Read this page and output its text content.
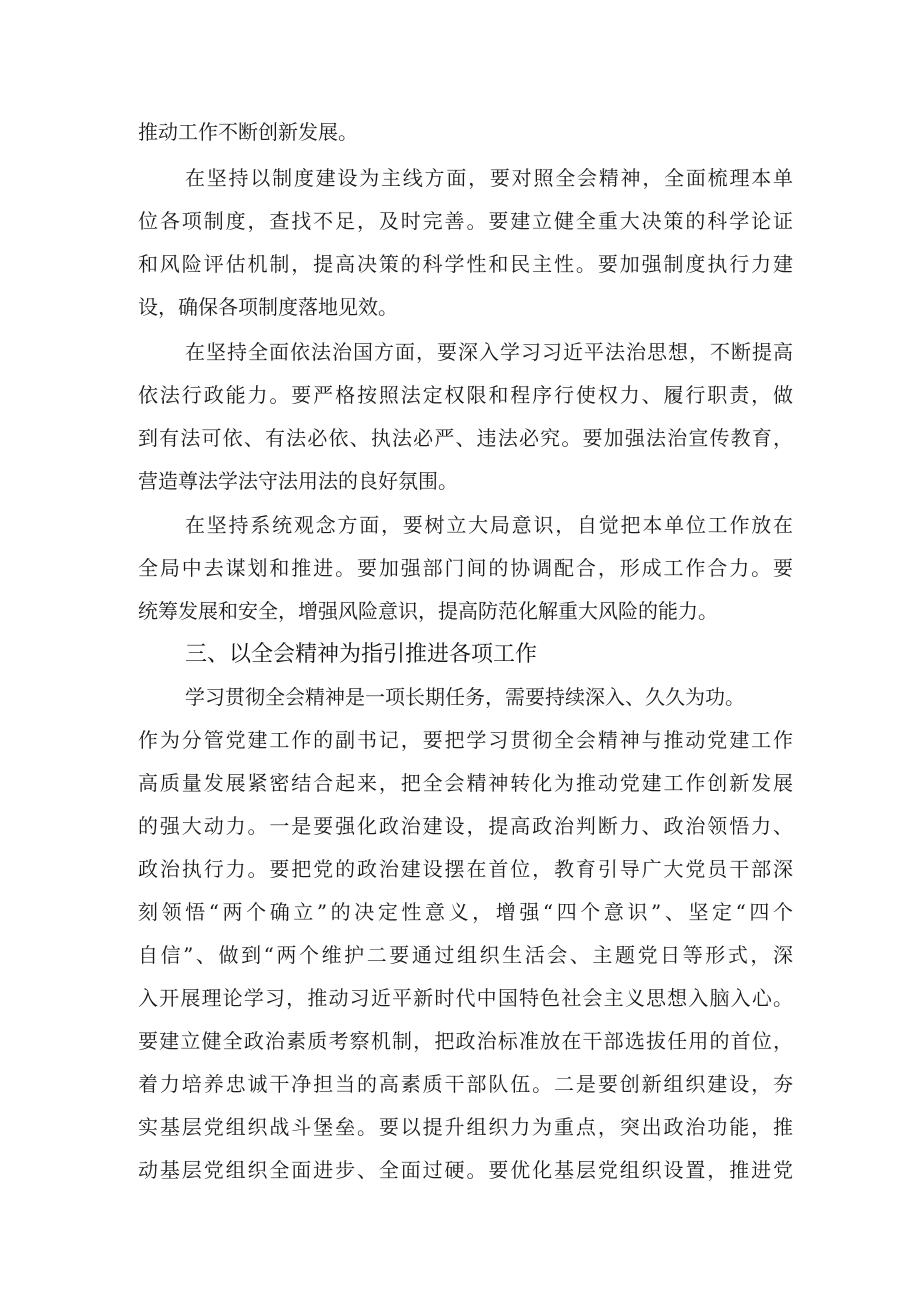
推动工作不断创新发展。
在坚持以制度建设为主线方面，要对照全会精神，全面梳理本单
位各项制度，查找不足，及时完善。要建立健全重大决策的科学论证
和风险评估机制，提高决策的科学性和民主性。要加强制度执行力建
设，确保各项制度落地见效。
在坚持全面依法治国方面，要深入学习习近平法治思想，不断提高
依法行政能力。要严格按照法定权限和程序行使权力、履行职责，做
到有法可依、有法必依、执法必严、违法必究。要加强法治宣传教育，
营造尊法学法守法用法的良好氛围。
在坚持系统观念方面，要树立大局意识，自觉把本单位工作放在
全局中去谋划和推进。要加强部门间的协调配合，形成工作合力。要
统筹发展和安全，增强风险意识，提高防范化解重大风险的能力。
三、以全会精神为指引推进各项工作
学习贯彻全会精神是一项长期任务，需要持续深入、久久为功。
作为分管党建工作的副书记，要把学习贯彻全会精神与推动党建工作
高质量发展紧密结合起来，把全会精神转化为推动党建工作创新发展
的强大动力。一是要强化政治建设，提高政治判断力、政治领悟力、
政治执行力。要把党的政治建设摆在首位，教育引导广大党员干部深
刻领悟“两个确立”的决定性意义，增强“四个意识”、坚定“四个
自信”、做到“两个维护二要通过组织生活会、主题党日等形式，深
入开展理论学习，推动习近平新时代中国特色社会主义思想入脑入心。
要建立健全政治素质考察机制，把政治标准放在干部选拔任用的首位，
着力培养忠诚干净担当的高素质干部队伍。二是要创新组织建设，夯
实基层党组织战斗堡垒。要以提升组织力为重点，突出政治功能，推
动基层党组织全面进步、全面过硬。要优化基层党组织设置，推进党
